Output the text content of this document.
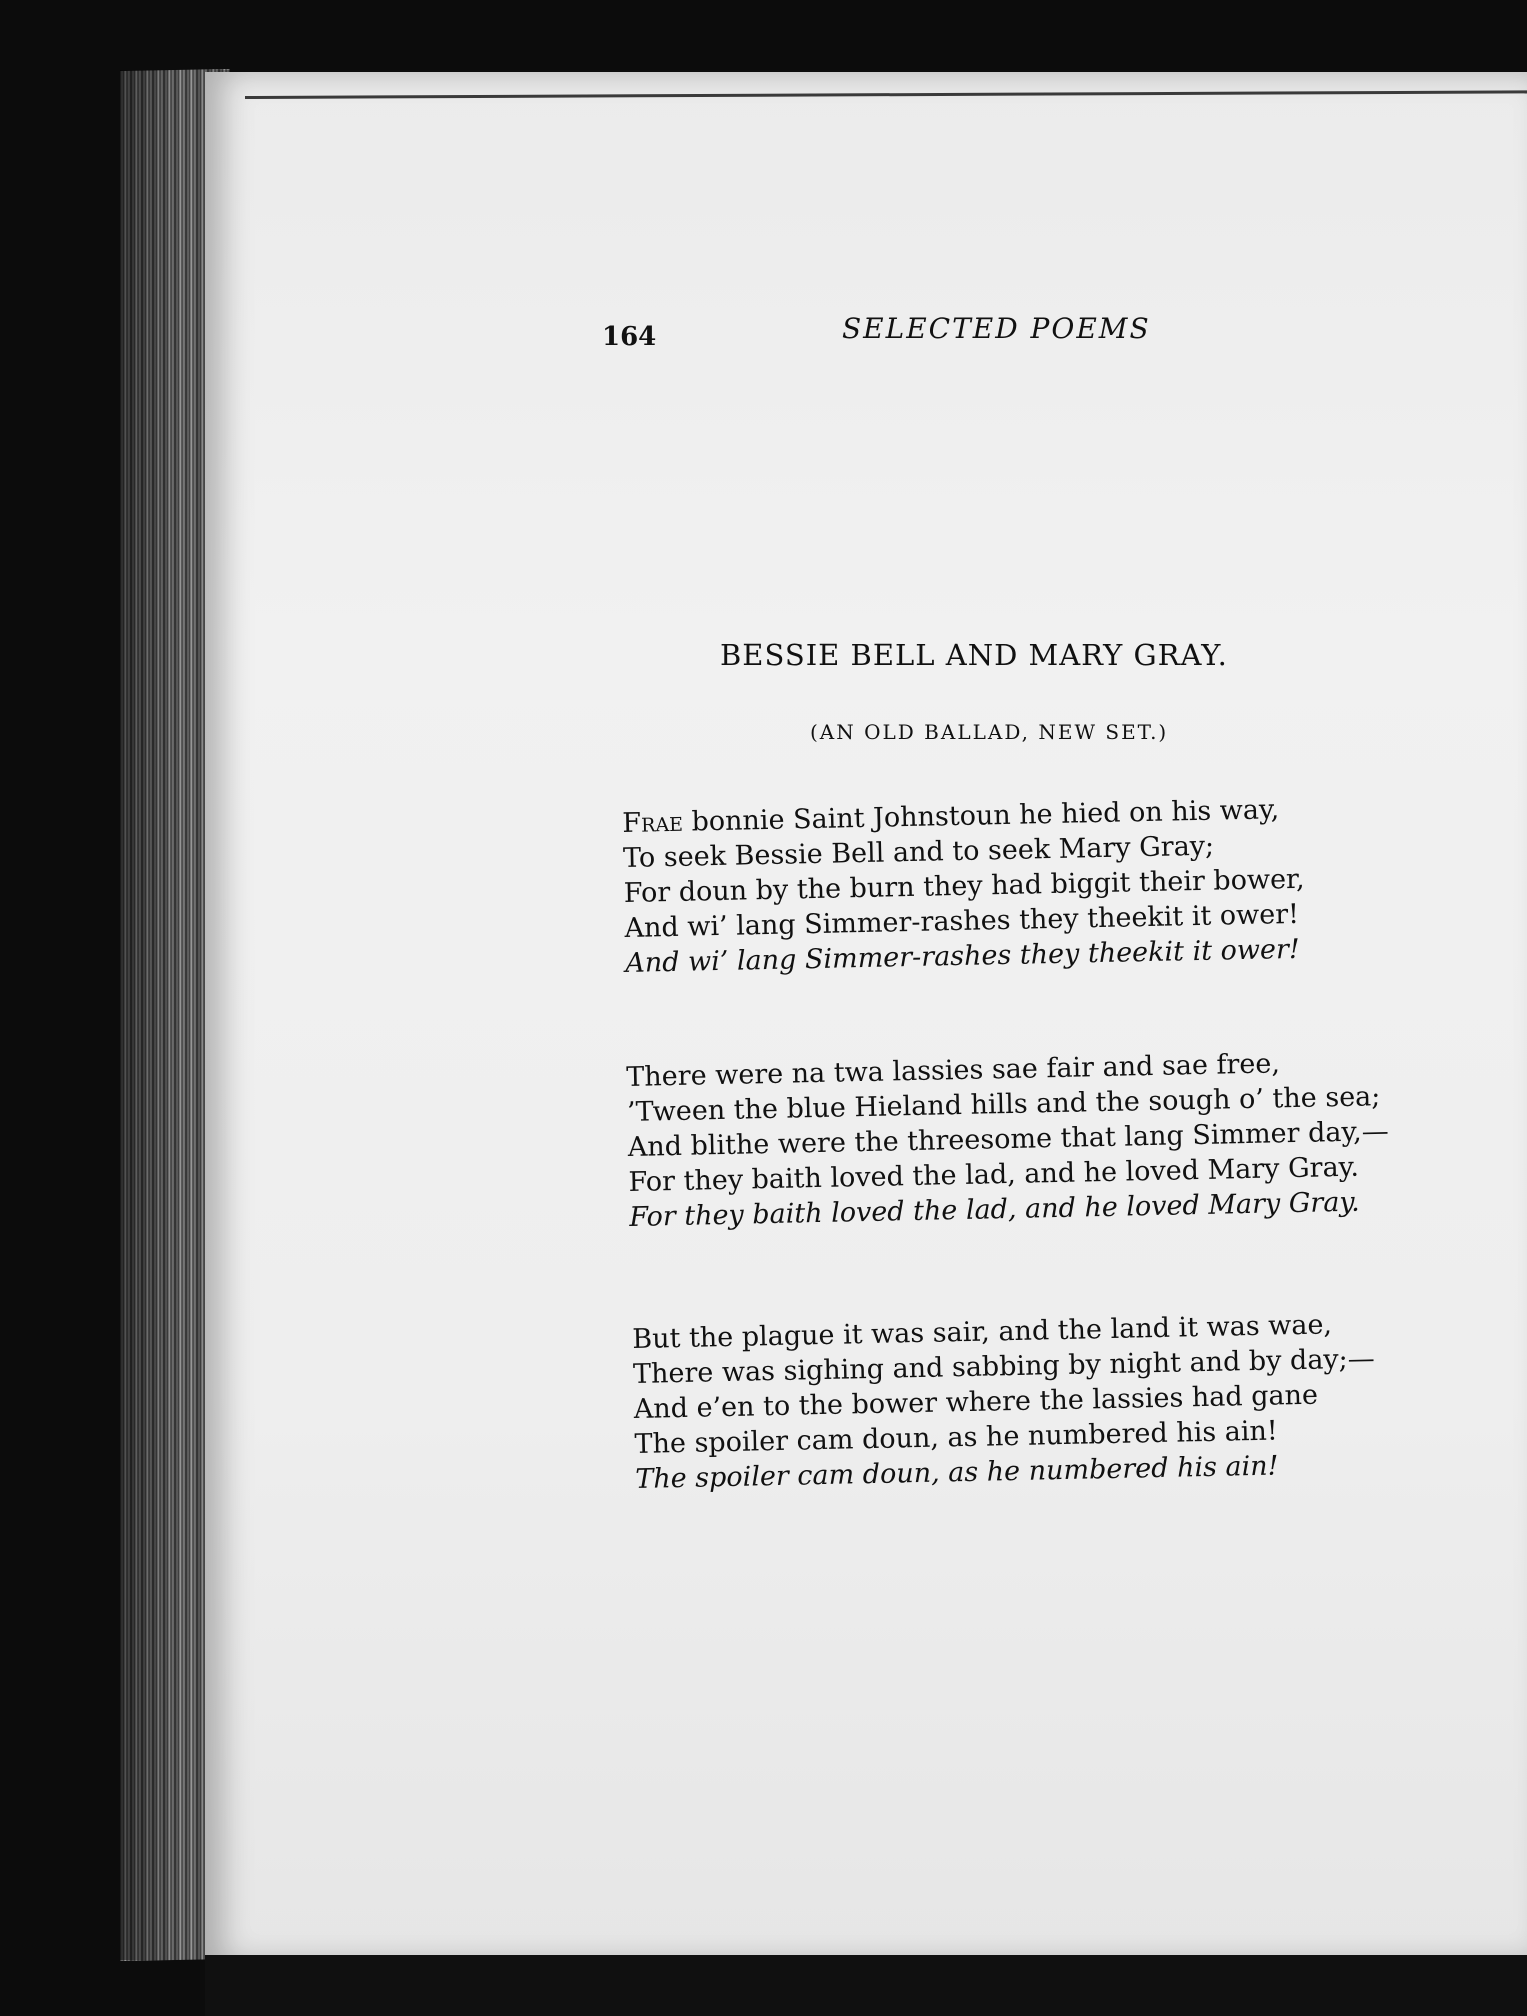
164	SELECTED POEMS
BESSIE BELL AND MARY GRAY.
(AN OLD BALLAD, NEW SET.)
Frae bonnie Saint Johnstoun he hied on his way,
To seek Bessie Bell and to seek Mary Gray;
For doun by the burn they had biggit their bower,
And wi’ lang Simmer-rashes they theekit it ower!
And wi’ lang Simmer-rashes they theekit it ower!
There were na twa lassies sae fair and sae free,
’Tween the blue Hieland hills and the sough o’ the sea;
And blithe were the threesome that lang Simmer day,—
For they baith loved the lad, and he loved Mary Gray.
For they baith loved the lad, and he loved Mary Gray.
But the plague it was sair, and the land it was wae,
There was sighing and sabbing by night and by day;—
And e’en to the bower where the lassies had gane
The spoiler cam doun, as he numbered his ain!
The spoiler cam doun, as he numbered his ain!
